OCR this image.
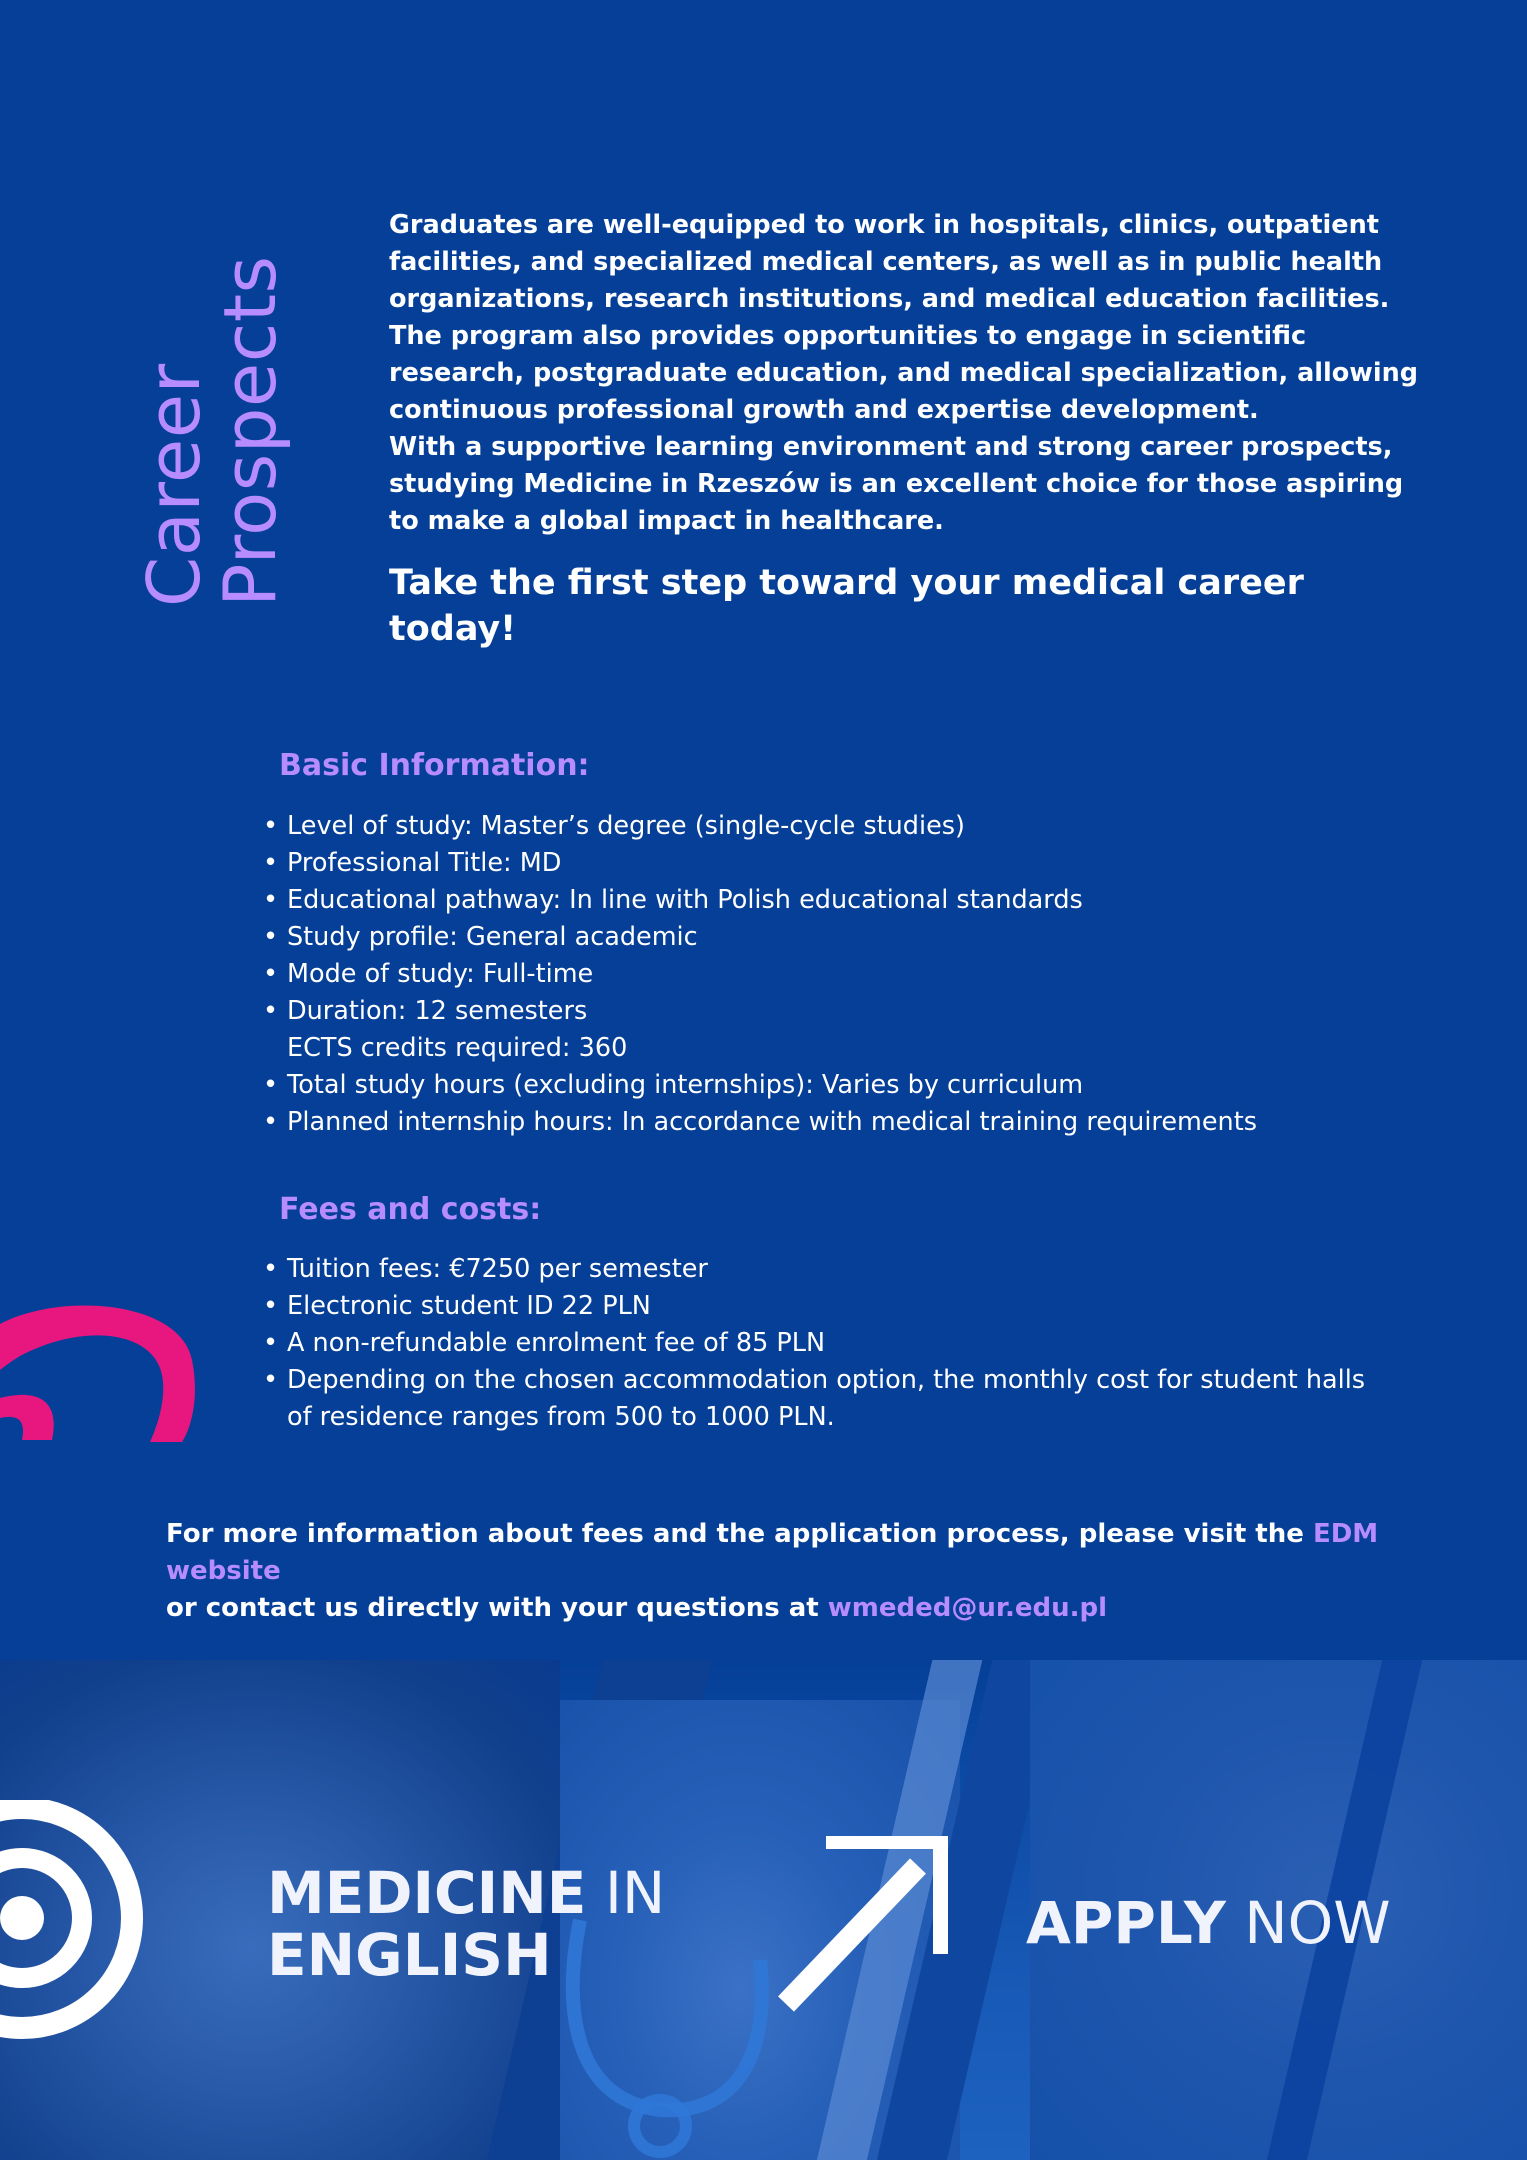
Career
Prospects

Graduates are well-equipped to work in hospitals, clinics, outpatient facilities, and specialized medical centers, as well as in public health organizations, research institutions, and medical education facilities. The program also provides opportunities to engage in scientific research, postgraduate education, and medical specialization, allowing continuous professional growth and expertise development.

With a supportive learning environment and strong career prospects, studying Medicine in Rzeszów is an excellent choice for those aspiring to make a global impact in healthcare.

Take the first step toward your medical career today!
Basic Information:
• Level of study: Master’s degree (single-cycle studies)
• Professional Title: MD
• Educational pathway: In line with Polish educational standards
• Study profile: General academic
• Mode of study: Full-time
• Duration: 12 semesters
ECTS credits required: 360
• Total study hours (excluding internships): Varies by curriculum
• Planned internship hours: In accordance with medical training requirements
Fees and costs:
• Tuition fees: €7250 per semester
• Electronic student ID 22 PLN
• A non-refundable enrolment fee of 85 PLN
• Depending on the chosen accommodation option, the monthly cost for student halls of residence ranges from 500 to 1000 PLN.
For more information about fees and the application process, please visit the EDM website
or contact us directly with your questions at wmeded@ur.edu.pl
MEDICINE IN
ENGLISH	APPLY NOW
